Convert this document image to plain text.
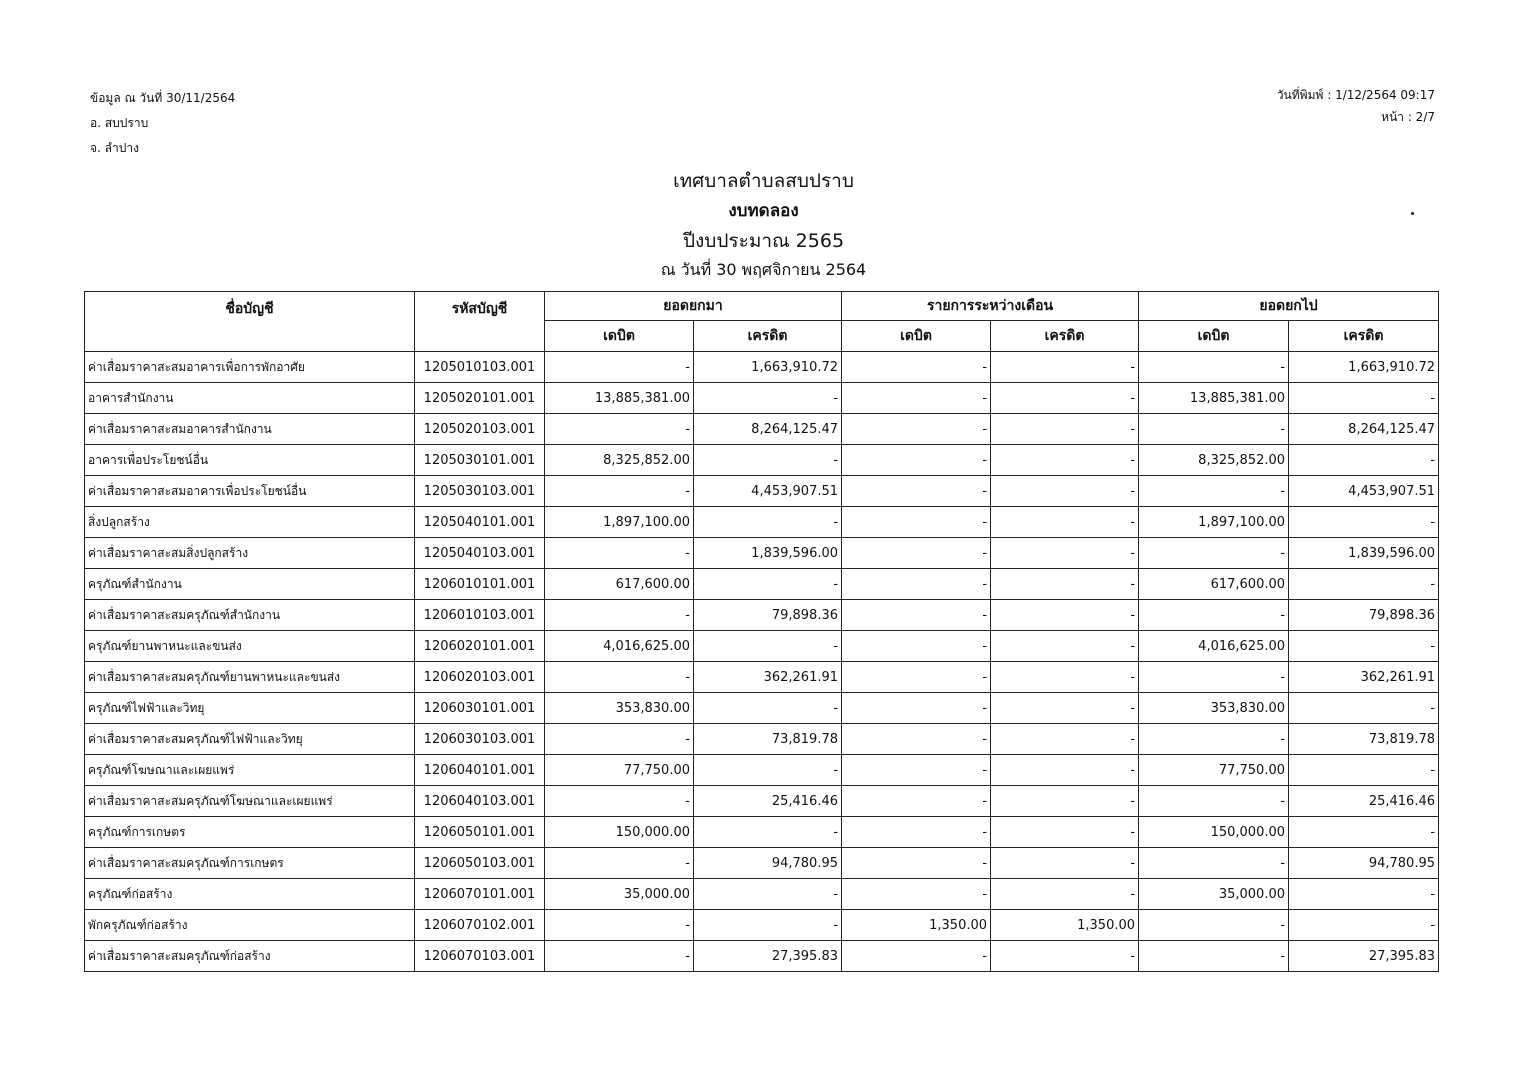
ข้อมูล ณ วันที่ 30/11/2564
อ. สบปราบ
จ. ลำปาง
วันที่พิมพ์ : 1/12/2564 09:17
หน้า : 2/7
เทศบาลตำบลสบปราบ
งบทดลอง
ปีงบประมาณ 2565
ณ วันที่ 30 พฤศจิกายน 2564
ชื่อบัญชี	รหัสบัญชี	ยอดยกมา		รายการระหว่างเดือน		ยอดยกไป	
		เดบิต	เครดิต	เดบิต	เครดิต	เดบิต	เครดิต
ค่าเสื่อมราคาสะสมอาคารเพื่อการพักอาศัย	1205010103.001	-	1,663,910.72	-	-	-	1,663,910.72
อาคารสำนักงาน	1205020101.001	13,885,381.00	-	-	-	13,885,381.00	-
ค่าเสื่อมราคาสะสมอาคารสำนักงาน	1205020103.001	-	8,264,125.47	-	-	-	8,264,125.47
อาคารเพื่อประโยชน์อื่น	1205030101.001	8,325,852.00	-	-	-	8,325,852.00	-
ค่าเสื่อมราคาสะสมอาคารเพื่อประโยชน์อื่น	1205030103.001	-	4,453,907.51	-	-	-	4,453,907.51
สิ่งปลูกสร้าง	1205040101.001	1,897,100.00	-	-	-	1,897,100.00	-
ค่าเสื่อมราคาสะสมสิ่งปลูกสร้าง	1205040103.001	-	1,839,596.00	-	-	-	1,839,596.00
ครุภัณฑ์สำนักงาน	1206010101.001	617,600.00	-	-	-	617,600.00	-
ค่าเสื่อมราคาสะสมครุภัณฑ์สำนักงาน	1206010103.001	-	79,898.36	-	-	-	79,898.36
ครุภัณฑ์ยานพาหนะและขนส่ง	1206020101.001	4,016,625.00	-	-	-	4,016,625.00	-
ค่าเสื่อมราคาสะสมครุภัณฑ์ยานพาหนะและขนส่ง	1206020103.001	-	362,261.91	-	-	-	362,261.91
ครุภัณฑ์ไฟฟ้าและวิทยุ	1206030101.001	353,830.00	-	-	-	353,830.00	-
ค่าเสื่อมราคาสะสมครุภัณฑ์ไฟฟ้าและวิทยุ	1206030103.001	-	73,819.78	-	-	-	73,819.78
ครุภัณฑ์โฆษณาและเผยแพร่	1206040101.001	77,750.00	-	-	-	77,750.00	-
ค่าเสื่อมราคาสะสมครุภัณฑ์โฆษณาและเผยแพร่	1206040103.001	-	25,416.46	-	-	-	25,416.46
ครุภัณฑ์การเกษตร	1206050101.001	150,000.00	-	-	-	150,000.00	-
ค่าเสื่อมราคาสะสมครุภัณฑ์การเกษตร	1206050103.001	-	94,780.95	-	-	-	94,780.95
ครุภัณฑ์ก่อสร้าง	1206070101.001	35,000.00	-	-	-	35,000.00	-
พักครุภัณฑ์ก่อสร้าง	1206070102.001	-	-	1,350.00	1,350.00	-	-
ค่าเสื่อมราคาสะสมครุภัณฑ์ก่อสร้าง	1206070103.001	-	27,395.83	-	-	-	27,395.83
